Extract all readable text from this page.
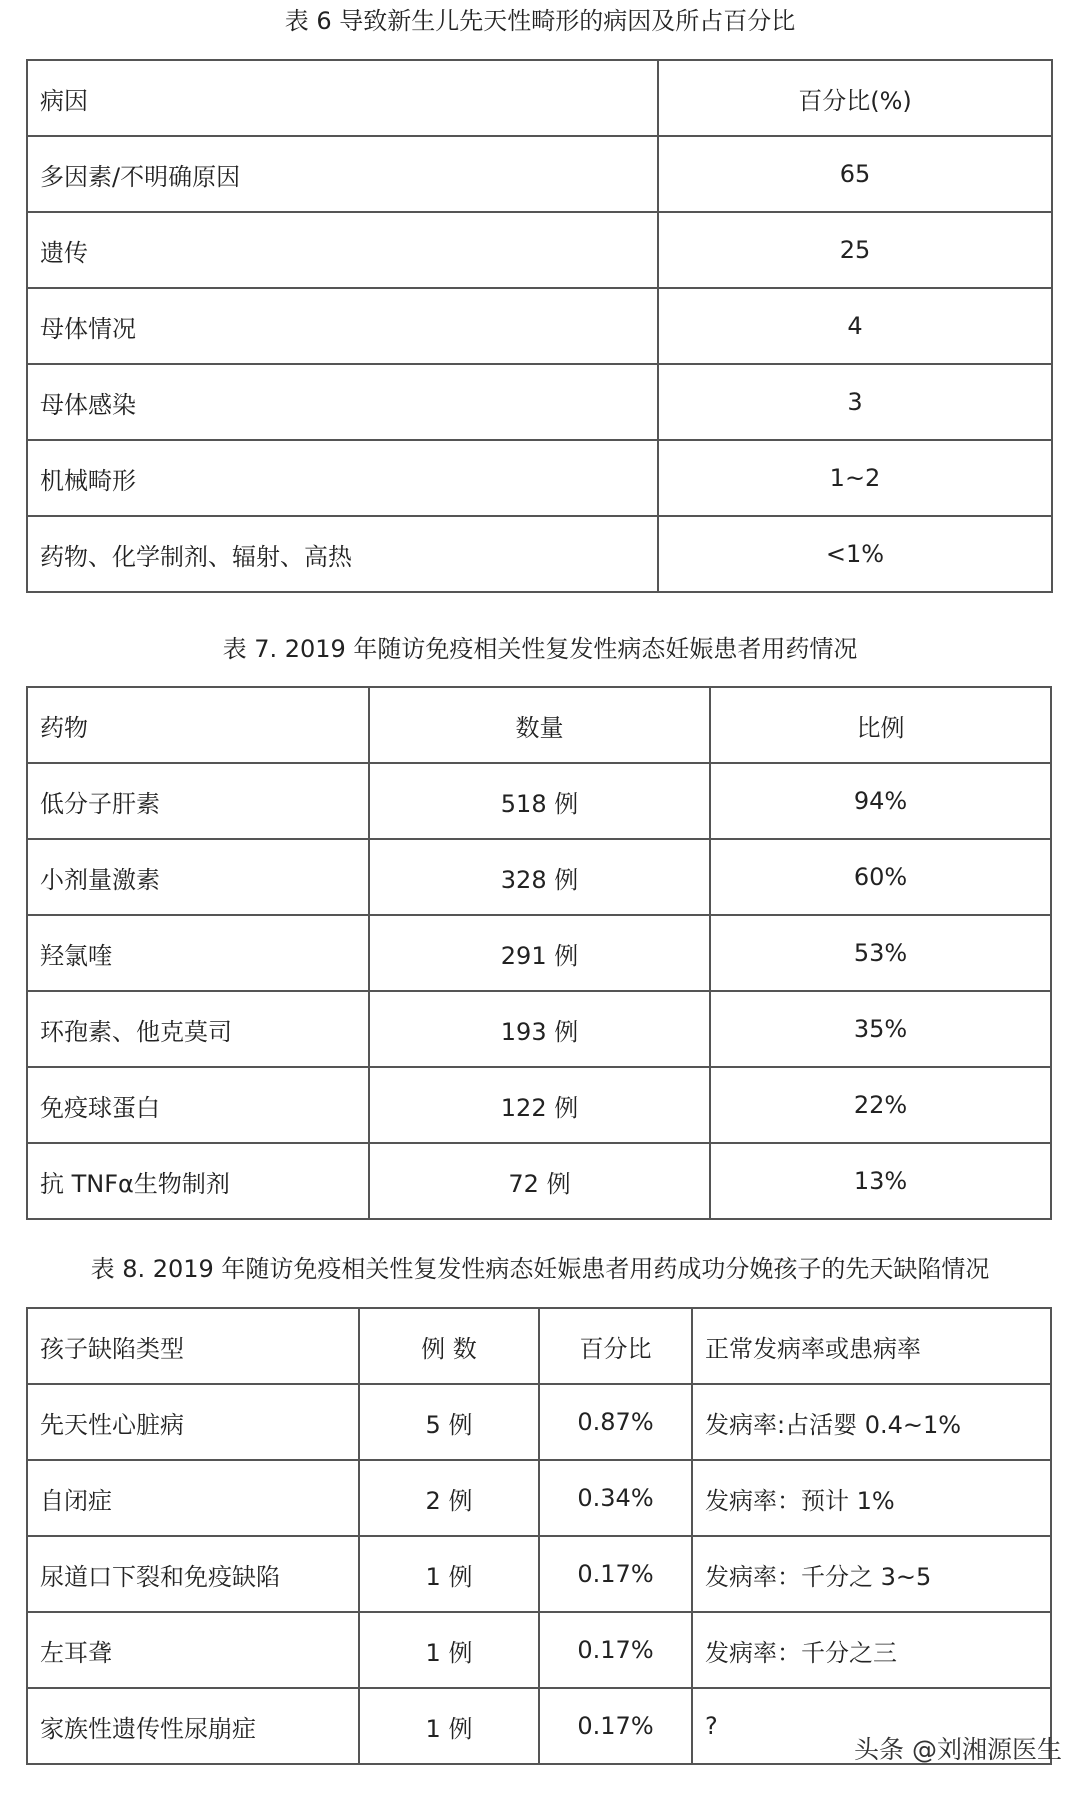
表 6 导致新生儿先天性畸形的病因及所占百分比
病因	百分比(%)
多因素/不明确原因	65
遗传	25
母体情况	4
母体感染	3
机械畸形	1~2
药物、化学制剂、辐射、高热	<1%
表 7. 2019 年随访免疫相关性复发性病态妊娠患者用药情况
药物	数量	比例
低分子肝素	518 例	94%
小剂量激素	328 例	60%
羟氯喹	291 例	53%
环孢素、他克莫司	193 例	35%
免疫球蛋白	122 例	22%
抗 TNFα生物制剂	72 例	13%
表 8. 2019 年随访免疫相关性复发性病态妊娠患者用药成功分娩孩子的先天缺陷情况
孩子缺陷类型	例 数	百分比	正常发病率或患病率
先天性心脏病	5 例	0.87%	发病率:占活婴 0.4~1%
自闭症	2 例	0.34%	发病率：预计 1%
尿道口下裂和免疫缺陷	1 例	0.17%	发病率：千分之 3~5
左耳聋	1 例	0.17%	发病率：千分之三
家族性遗传性尿崩症	1 例	0.17%	?
头条 @刘湘源医生
